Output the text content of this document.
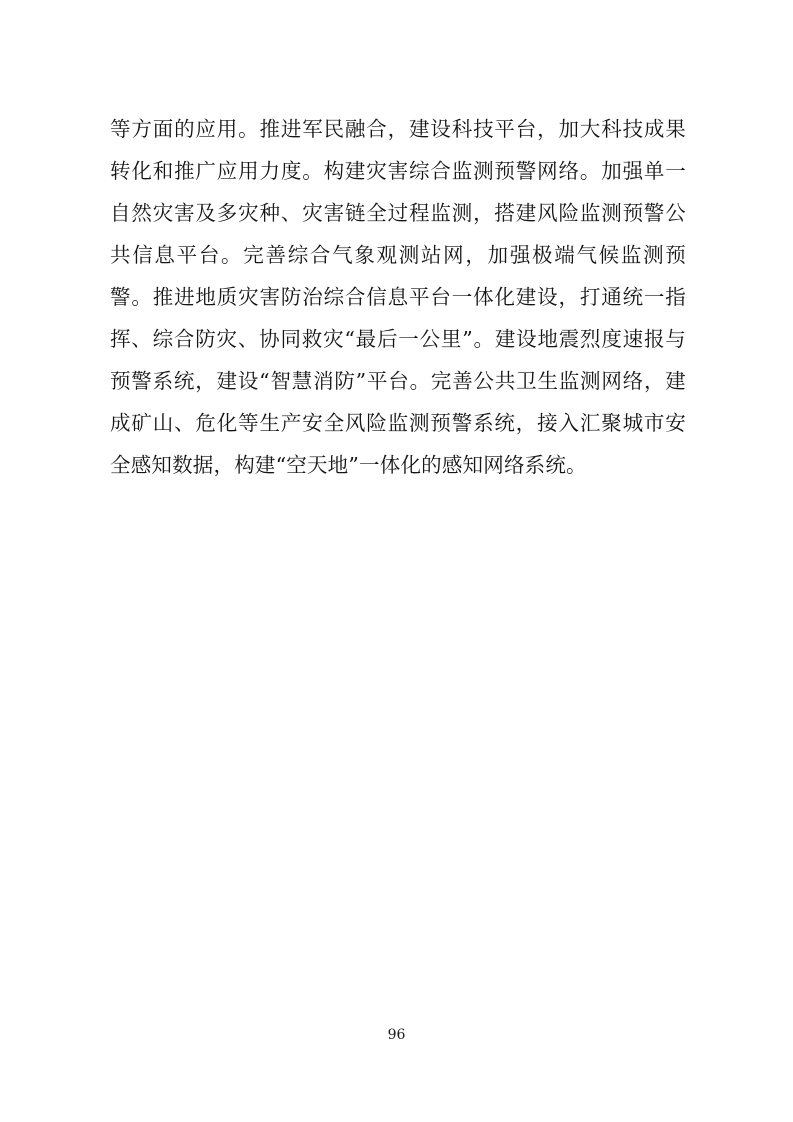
等方面的应用。推进军民融合，建设科技平台，加大科技成果转化和推广应用力度。构建灾害综合监测预警网络。加强单一自然灾害及多灾种、灾害链全过程监测，搭建风险监测预警公共信息平台。完善综合气象观测站网，加强极端气候监测预警。推进地质灾害防治综合信息平台一体化建设，打通统一指挥、综合防灾、协同救灾“最后一公里”。建设地震烈度速报与预警系统，建设“智慧消防”平台。完善公共卫生监测网络，建成矿山、危化等生产安全风险监测预警系统，接入汇聚城市安全感知数据，构建“空天地”一体化的感知网络系统。

96
